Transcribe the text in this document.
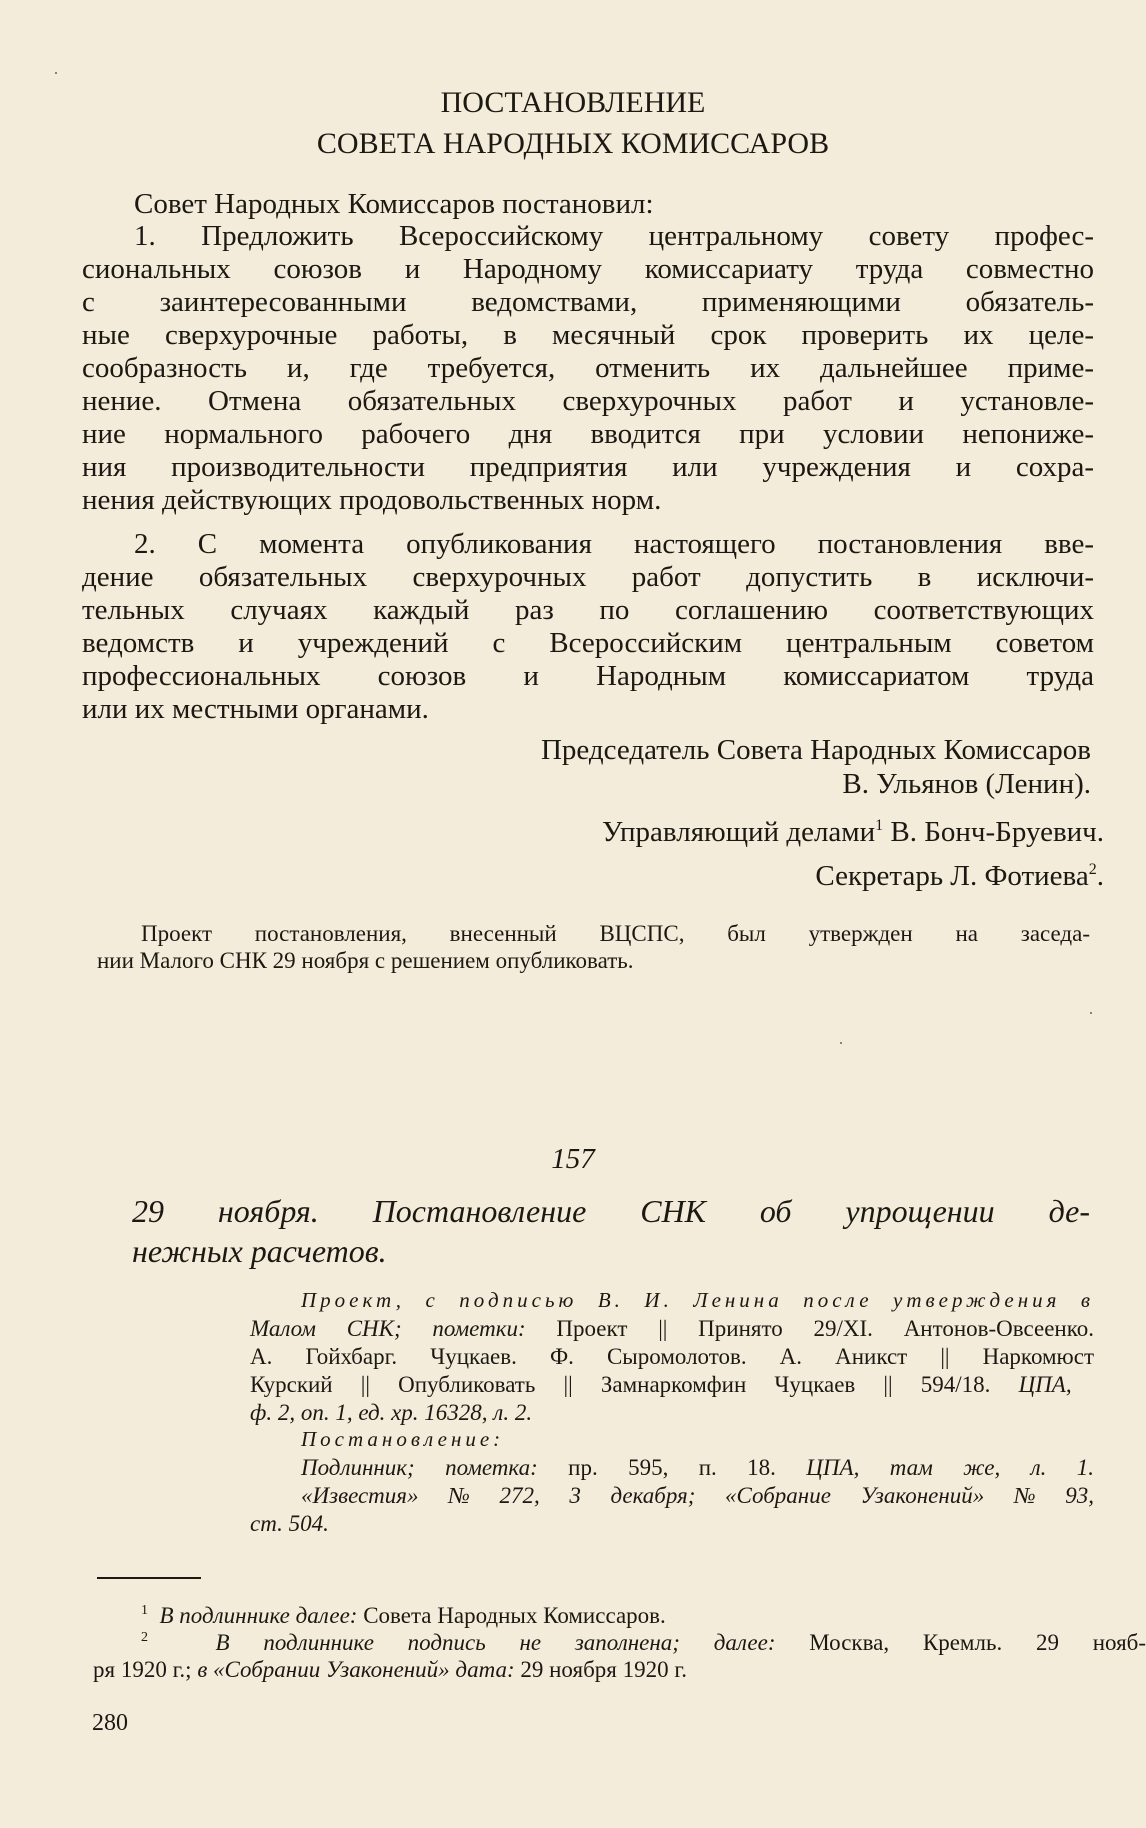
ПОСТАНОВЛЕНИЕ
СОВЕТА НАРОДНЫХ КОМИССАРОВ
Совет Народных Комиссаров постановил:
1. Предложить Всероссийскому центральному совету профес-
сиональных союзов и Народному комиссариату труда совместно
с заинтересованными ведомствами, применяющими обязатель-
ные сверхурочные работы, в месячный срок проверить их целе-
сообразность и, где требуется, отменить их дальнейшее приме-
нение. Отмена обязательных сверхурочных работ и установле-
ние нормального рабочего дня вводится при условии непониже-
ния производительности предприятия или учреждения и сохра-
нения действующих продовольственных норм.
2. С момента опубликования настоящего постановления вве-
дение обязательных сверхурочных работ допустить в исключи-
тельных случаях каждый раз по соглашению соответствующих
ведомств и учреждений с Всероссийским центральным советом
профессиональных союзов и Народным комиссариатом труда
или их местными органами.
Председатель Совета Народных Комиссаров
В. Ульянов (Ленин).
Управляющий делами$^1$ В. Бонч-Бруевич.
Секретарь Л. Фотиева$^2$.
Проект постановления, внесенный ВЦСПС, был утвержден на заседа-
нии Малого СНК 29 ноября с решением опубликовать.
157
29 ноября. Постановление СНК об упрощении де-
нежных расчетов.
Проект, с подписью В. И. Ленина после утверждения в
Малом СНК; пометки: Проект || Принято 29/XI. Антонов-Овсеенко.
А. Гойхбарг. Чуцкаев. Ф. Сыромолотов. А. Аникст || Наркомюст
Курский || Опубликовать || Замнаркомфин Чуцкаев || 594/18. ЦПА,
ф. 2, оп. 1, ед. хр. 16328, л. 2.
Постановление:
Подлинник; пометка: пр. 595, п. 18. ЦПА, там же, л. 1.
«Известия» № 272, 3 декабря; «Собрание Узаконений» № 93,
ст. 504.
$^1$ В подлиннике далее: Совета Народных Комиссаров.
$^2$	В подлиннике подпись не заполнена; далее: Москва, Кремль. 29 нояб-
ря 1920 г.; в «Собрании Узаконений» дата: 29 ноября 1920 г.
280
